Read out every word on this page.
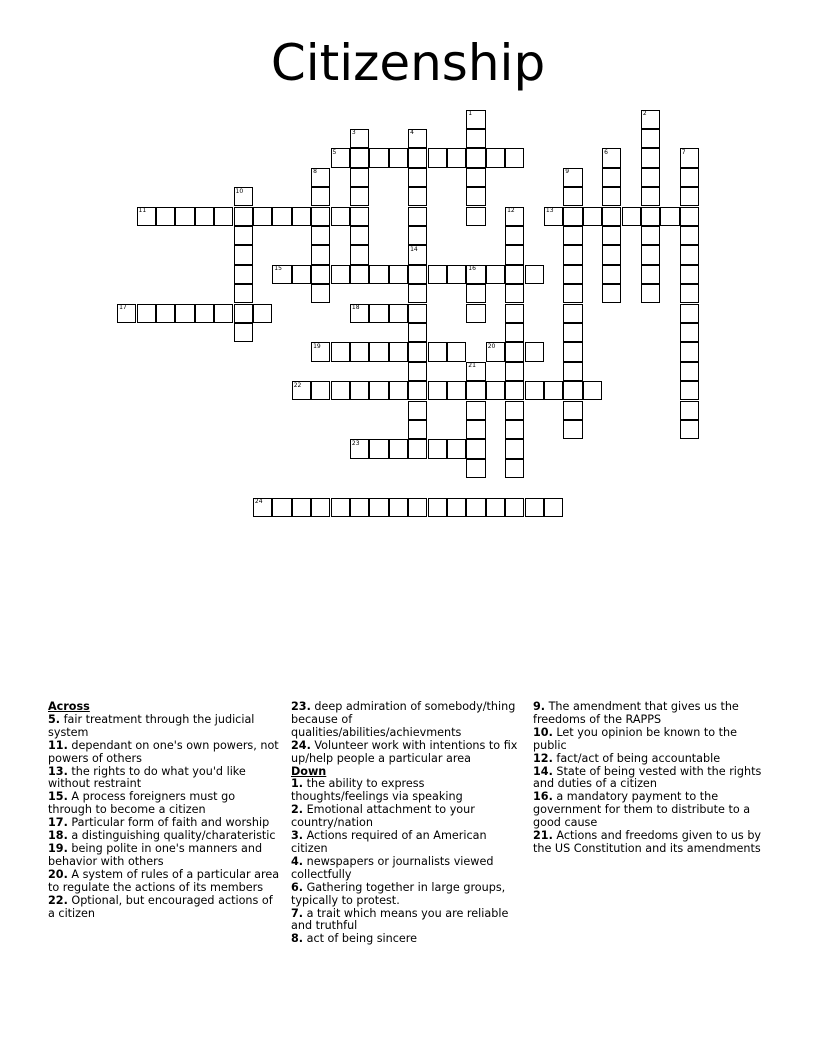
Citizenship
5
11	13
15	16
17	18
19	20
22
23
24
1	2
3	4
6	7
8	9
10
12
14
21
Across
5. fair treatment through the judicial system
11. dependant on one's own powers, not powers of others
13. the rights to do what you'd like without restraint
15. A process foreigners must go through to become a citizen
17. Particular form of faith and worship
18. a distinguishing quality/charateristic
19. being polite in one's manners and behavior with others
20. A system of rules of a particular area to regulate the actions of its members
22. Optional, but encouraged actions of a citizen
23. deep admiration of somebody/thing because of qualities/abilities/achievments
24. Volunteer work with intentions to fix up/help people a particular area
Down
1. the ability to express thoughts/feelings via speaking
2. Emotional attachment to your country/nation
3. Actions required of an American citizen
4. newspapers or journalists viewed collectfully
6. Gathering together in large groups, typically to protest.
7. a trait which means you are reliable and truthful
8. act of being sincere
9. The amendment that gives us the freedoms of the RAPPS
10. Let you opinion be known to the public
12. fact/act of being accountable
14. State of being vested with the rights and duties of a citizen
16. a mandatory payment to the government for them to distribute to a good cause
21. Actions and freedoms given to us by the US Constitution and its amendments
